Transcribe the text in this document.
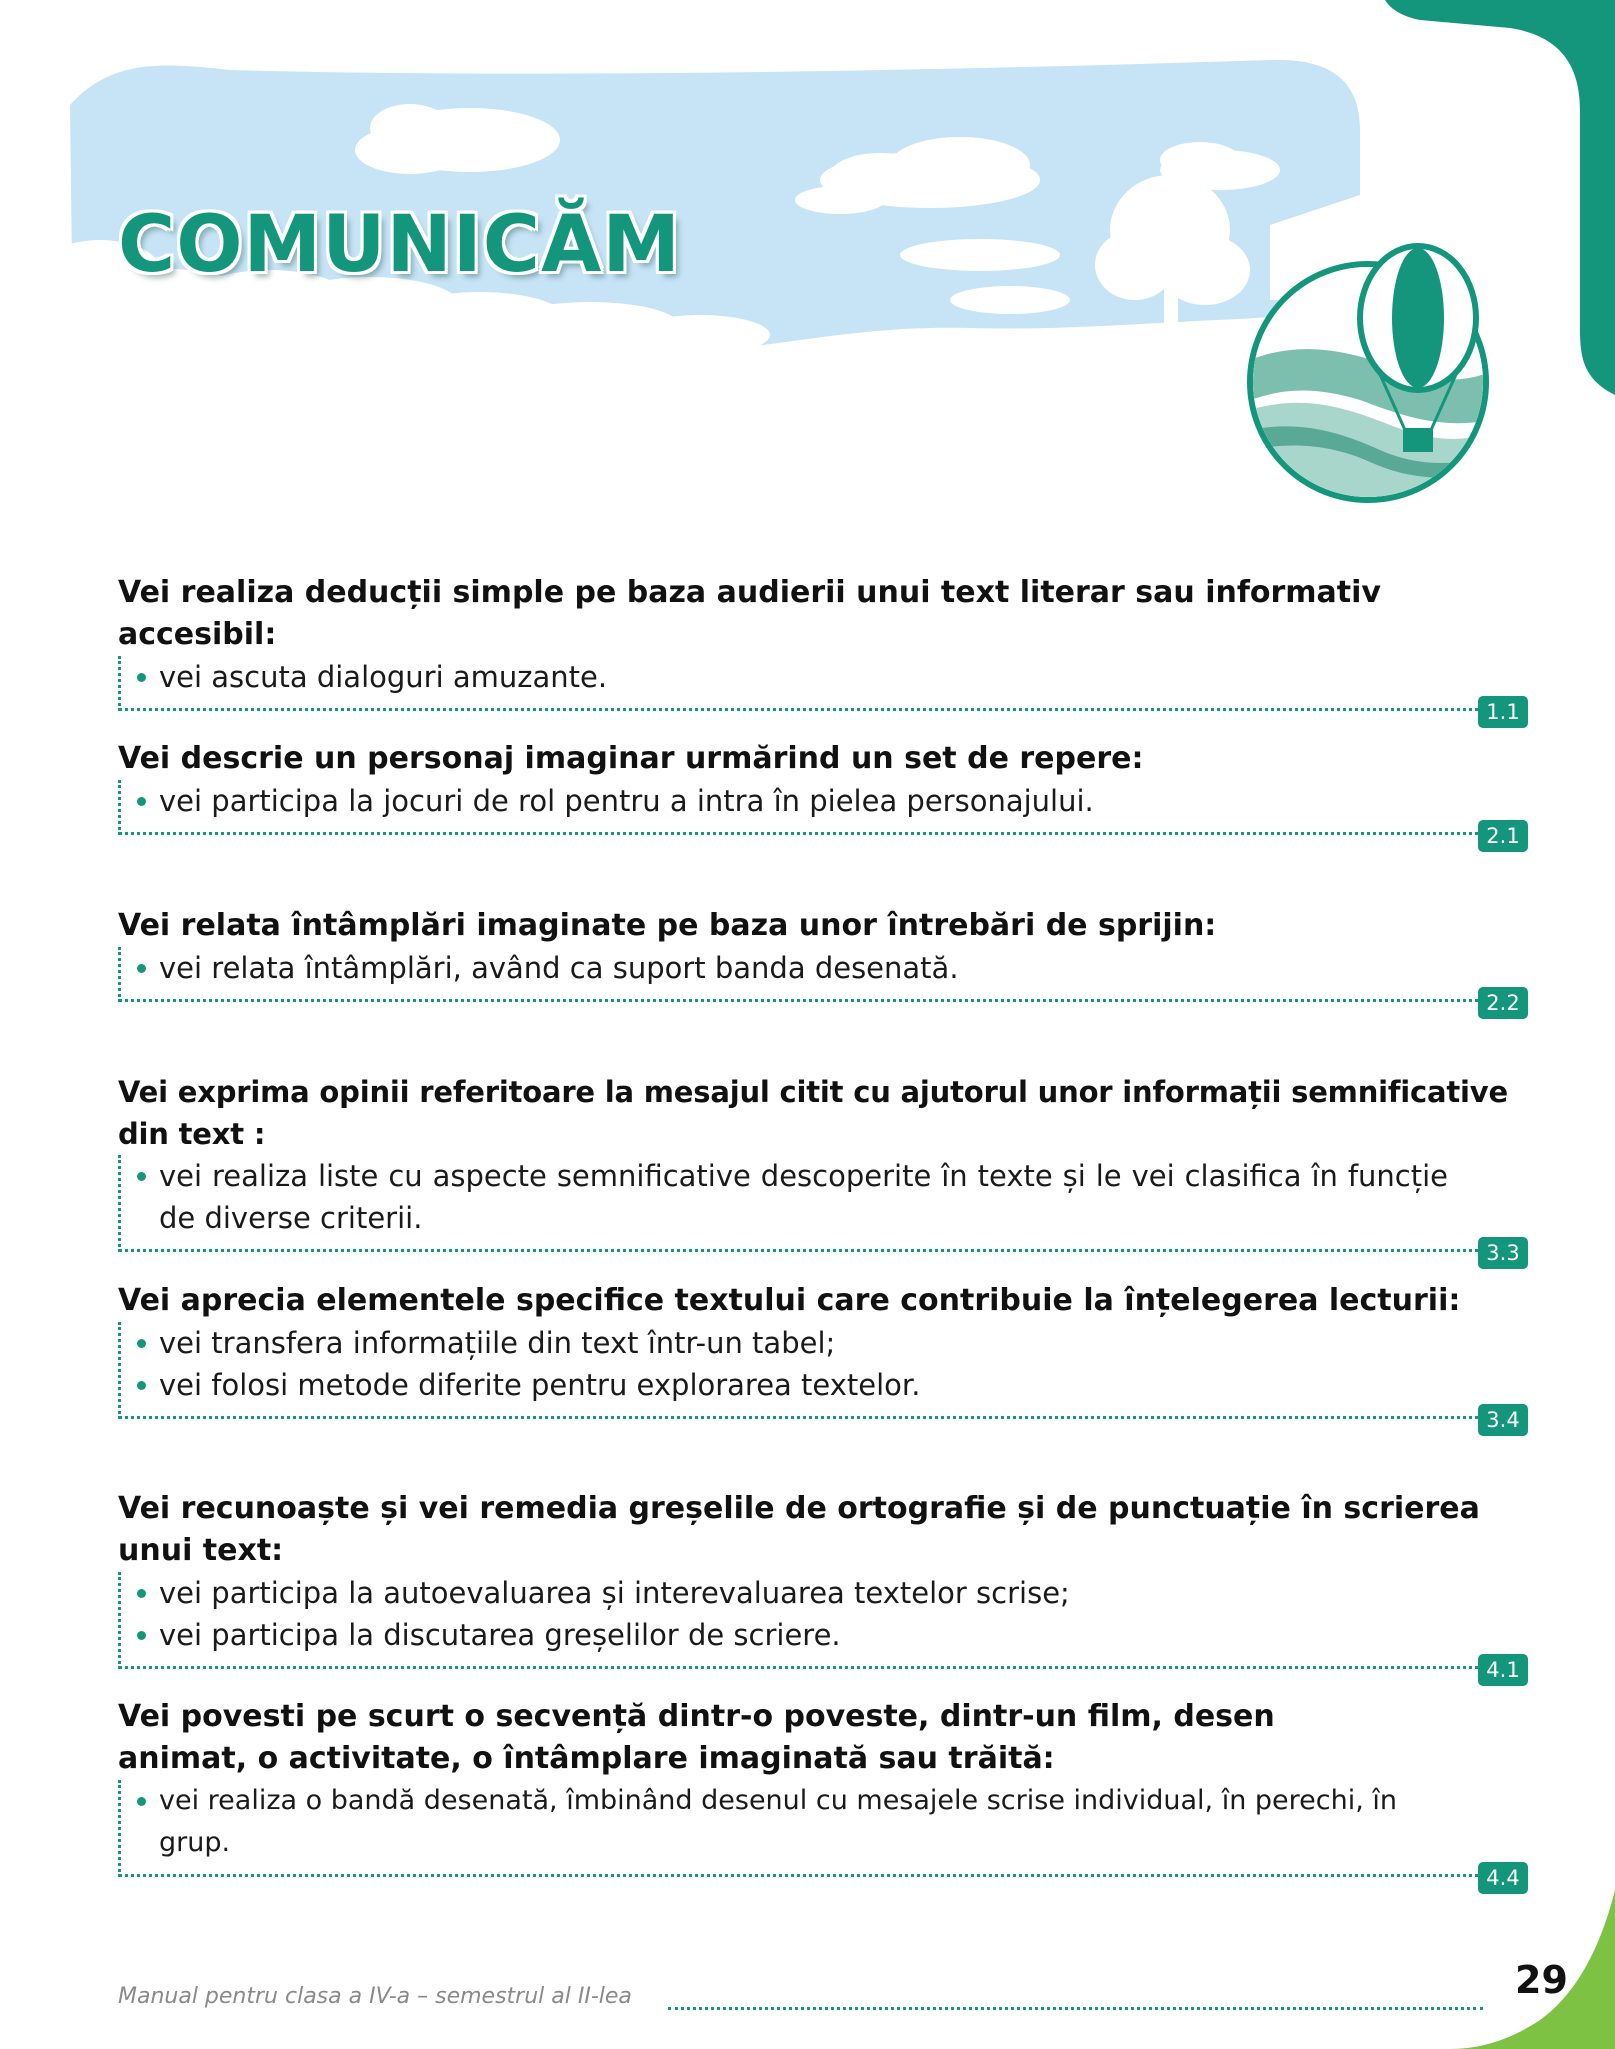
COMUNICĂM

Vei realiza deducții simple pe baza audierii unui text literar sau informativ accesibil:

vei ascuta dialoguri amuzante.
1.1

Vei descrie un personaj imaginar urmărind un set de repere:

vei participa la jocuri de rol pentru a intra în pielea personajului.
2.1

Vei relata întâmplări imaginate pe baza unor întrebări de sprijin:

vei relata întâmplări, având ca suport banda desenată.
2.2

Vei exprima opinii referitoare la mesajul citit cu ajutorul unor informații semnificative din text :

vei realiza liste cu aspecte semnificative descoperite în texte și le vei clasifica în funcție de diverse criterii.
3.3

Vei aprecia elementele specifice textului care contribuie la înțelegerea lecturii:

vei transfera informațiile din text într-un tabel;
vei folosi metode diferite pentru explorarea textelor.
3.4

Vei recunoaște și vei remedia greșelile de ortografie și de punctuație în scrierea unui text:

vei participa la autoevaluarea și interevaluarea textelor scrise;
vei participa la discutarea greșelilor de scriere.
4.1

Vei povesti pe scurt o secvență dintr-o poveste, dintr-un film, desen animat, o activitate, o întâmplare imaginată sau trăită:

vei realiza o bandă desenată, îmbinând desenul cu mesajele scrise individual, în perechi, în grup.
4.4
Manual pentru clasa a IV-a – semestrul al II-lea	29
